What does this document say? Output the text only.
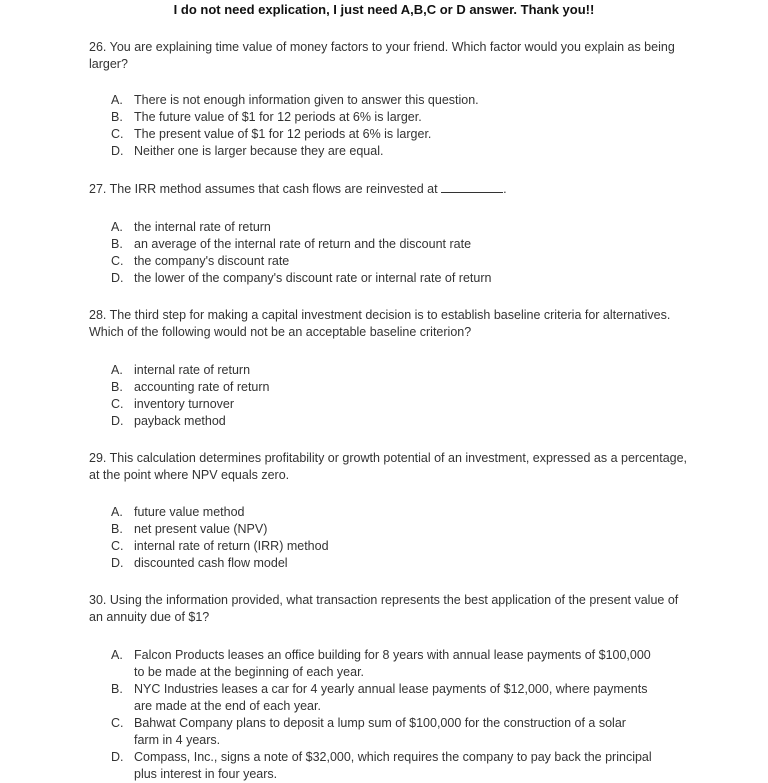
I do not need explication, I just need A,B,C or D answer. Thank you!!

26. You are explaining time value of money factors to your friend. Which factor would you explain as being larger?

A. There is not enough information given to answer this question.
B. The future value of $1 for 12 periods at 6% is larger.
C. The present value of $1 for 12 periods at 6% is larger.
D. Neither one is larger because they are equal.

27. The IRR method assumes that cash flows are reinvested at	.

A. the internal rate of return
B. an average of the internal rate of return and the discount rate
C. the company's discount rate
D. the lower of the company's discount rate or internal rate of return

28. The third step for making a capital investment decision is to establish baseline criteria for alternatives. Which of the following would not be an acceptable baseline criterion?

A. internal rate of return
B. accounting rate of return
C. inventory turnover
D. payback method

29. This calculation determines profitability or growth potential of an investment, expressed as a percentage, at the point where NPV equals zero.

A. future value method
B. net present value (NPV)
C. internal rate of return (IRR) method
D. discounted cash flow model

30. Using the information provided, what transaction represents the best application of the present value of an annuity due of $1?

A. Falcon Products leases an office building for 8 years with annual lease payments of $100,000 to be made at the beginning of each year.
B. NYC Industries leases a car for 4 yearly annual lease payments of $12,000, where payments are made at the end of each year.
C. Bahwat Company plans to deposit a lump sum of $100,000 for the construction of a solar farm in 4 years.
D. Compass, Inc., signs a note of $32,000, which requires the company to pay back the principal plus interest in four years.
